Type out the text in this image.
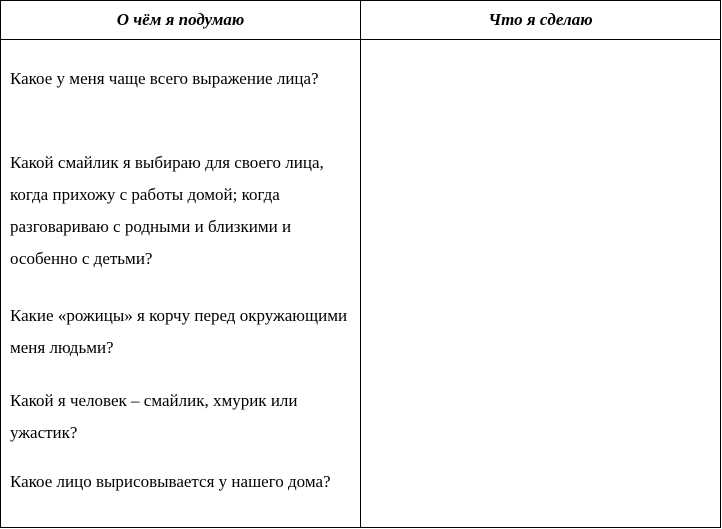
О чём я подумаю	Что я сделаю

Какое у меня чаще всего выражение лица?

Какой смайлик я выбираю для своего лица, когда прихожу с работы домой; когда разговариваю с родными и близкими и особенно с детьми?

Какие «рожицы» я корчу перед окружающими меня людьми?

Какой я человек – смайлик, хмурик или ужастик?

Какое лицо вырисовывается у нашего дома?	
